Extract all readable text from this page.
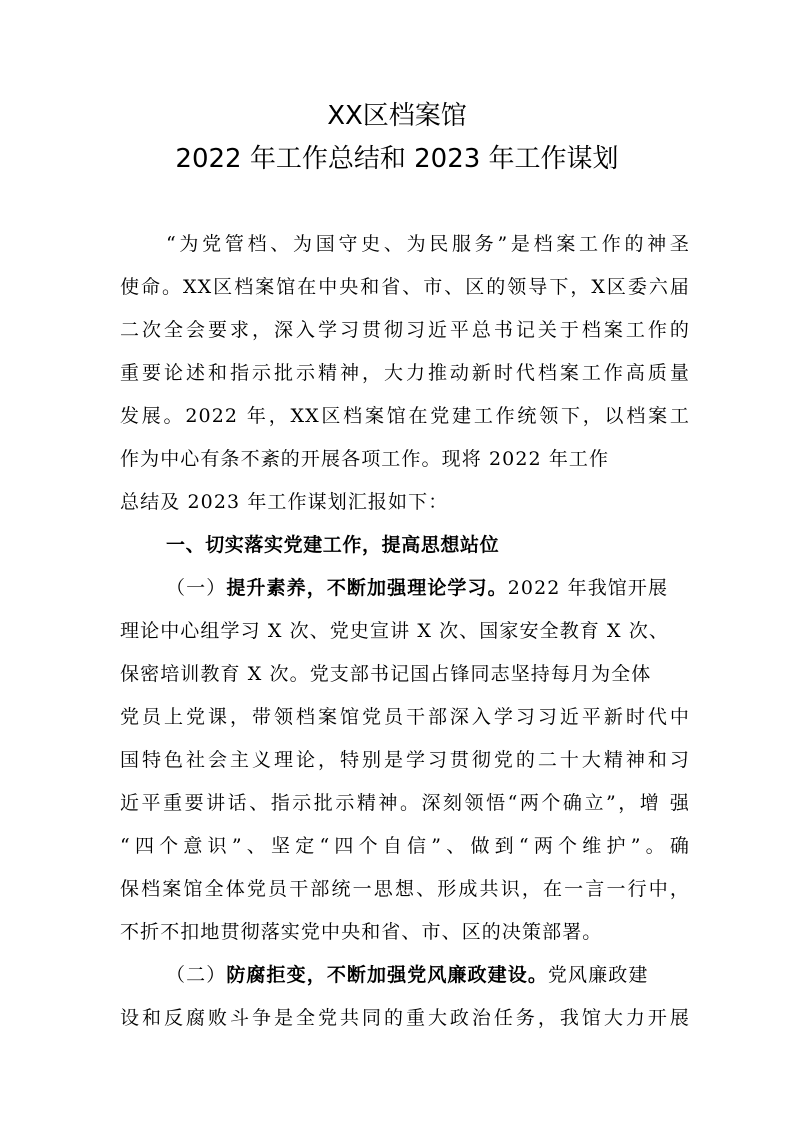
XX区档案馆
2022 年工作总结和 2023 年工作谋划
“为党管档、为国守史、为民服务”是档案工作的神圣
使命。XX区档案馆在中央和省、市、区的领导下，X区委六届
二次全会要求，深入学习贯彻习近平总书记关于档案工作的
重要论述和指示批示精神，大力推动新时代档案工作高质量
发展。2022 年，XX区档案馆在党建工作统领下，以档案工
作为中心有条不紊的开展各项工作。现将 2022 年工作
总结及 2023 年工作谋划汇报如下：
一、切实落实党建工作，提高思想站位
（一）提升素养，不断加强理论学习。2022 年我馆开展
理论中心组学习 X 次、党史宣讲 X 次、国家安全教育 X 次、
保密培训教育 X 次。党支部书记国占锋同志坚持每月为全体
党员上党课，带领档案馆党员干部深入学习习近平新时代中
国特色社会主义理论，特别是学习贯彻党的二十大精神和习
近平重要讲话、指示批示精神。深刻领悟“两个确立”，增 强
“四个意识”、坚定“四个自信”、做到“两个维护”。确
保档案馆全体党员干部统一思想、形成共识，在一言一行中，
不折不扣地贯彻落实党中央和省、市、区的决策部署。
（二）防腐拒变，不断加强党风廉政建设。党风廉政建
设和反腐败斗争是全党共同的重大政治任务，我馆大力开展
